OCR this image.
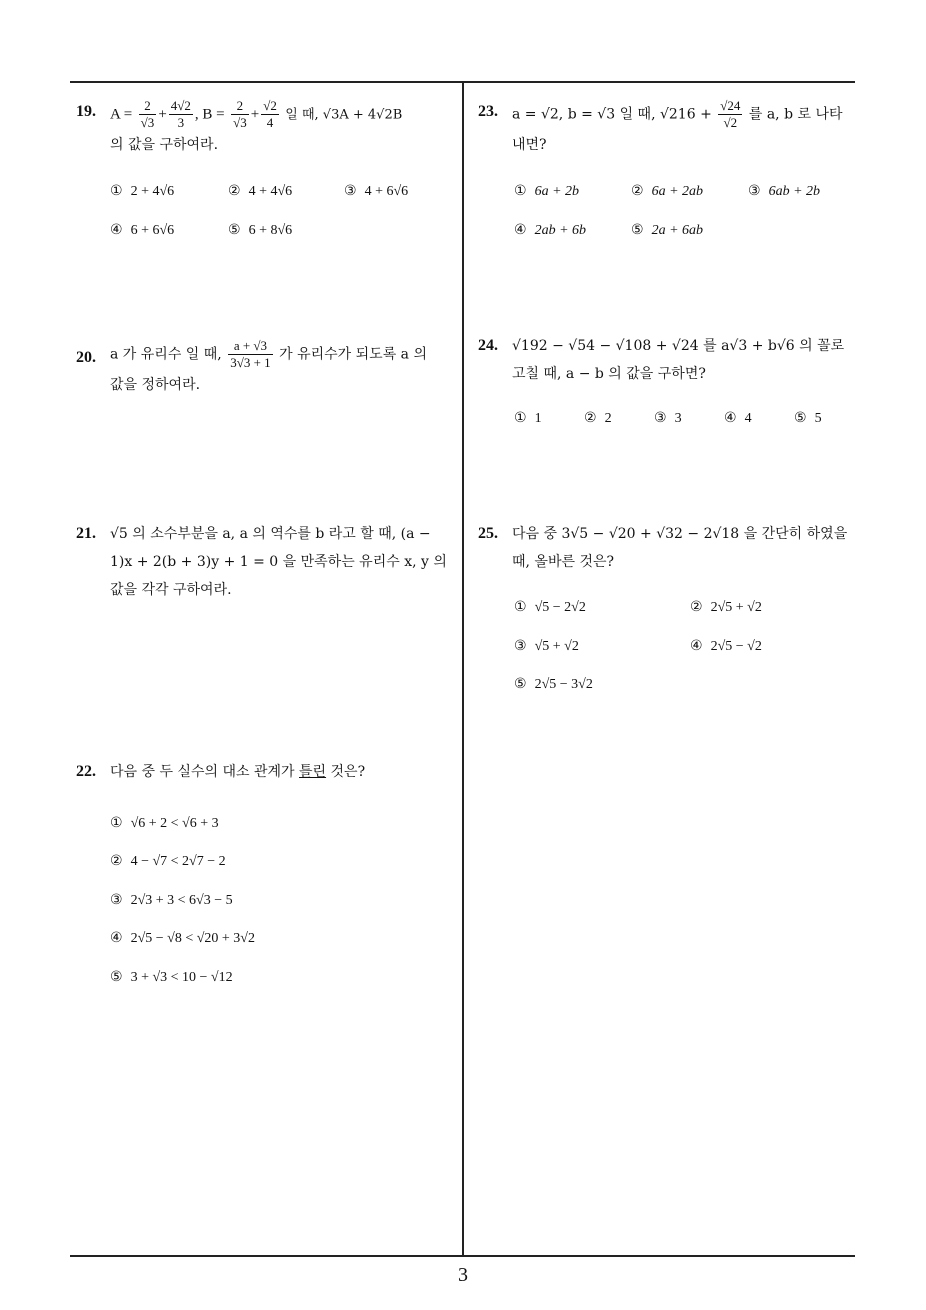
19. $A = \frac{2}{√3} + \frac{4√2}{3}$ , $B = \frac{2}{√3} + \frac{√2}{4}$ 일 때, √3A + 4√2B
의 값을 구하여라.
① 2 + 4√6	② 4 + 4√6	③ 4 + 6√6
④ 6 + 6√6	⑤ 6 + 8√6
20. a 가 유리수 일 때, $\frac{a + √3}{3√3 + 1}$ 가 유리수가 되도록 a 의
값을 정하여라.
21. √5 의 소수부분을 a, a 의 역수를 b 라고 할 때, (a −
1)x + 2(b + 3)y + 1 = 0 을 만족하는 유리수 x, y 의
값을 각각 구하여라.
22. 다음 중 두 실수의 대소 관계가 틀린 것은?
① √6 + 2 < √6 + 3
② 4 − √7 < 2√7 − 2
③ 2√3 + 3 < 6√3 − 5
④ 2√5 − √8 < √20 + 3√2
⑤ 3 + √3 < 10 − √12
23. a = √2, b = √3 일 때, $√216 + \frac{√24}{√2}$ 를 a, b 로 나타
내면?
① 6a + 2b	② 6a + 2ab	③ 6ab + 2b
④ 2ab + 6b	⑤ 2a + 6ab
24. √192 − √54 − √108 + √24 를 a√3 + b√6 의 꼴로
고칠 때, a − b 의 값을 구하면?
① 1	② 2	③ 3	④ 4	⑤ 5
25. 다음 중 3√5 − √20 + √32 − 2√18 을 간단히 하였을
때, 올바른 것은?
① √5 − 2√2	② 2√5 + √2
③ √5 + √2	④ 2√5 − √2
⑤ 2√5 − 3√2
3
